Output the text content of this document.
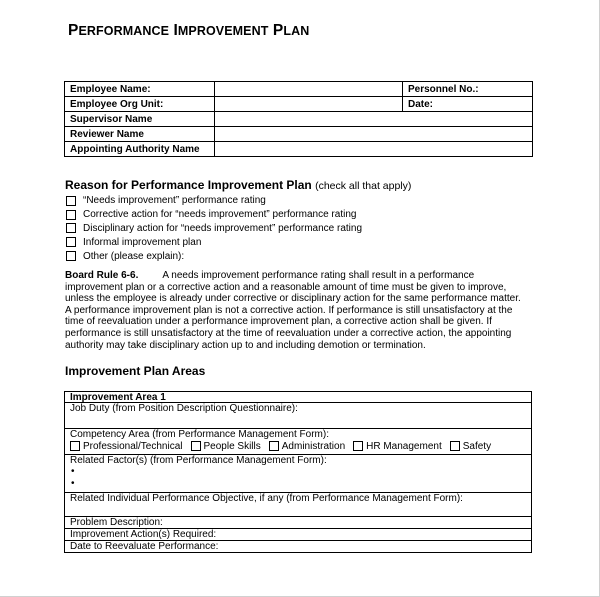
PERFORMANCE IMPROVEMENT PLAN
Employee Name:		Personnel No.:
Employee Org Unit:		Date:
Supervisor Name		
Reviewer Name		
Appointing Authority Name		
Reason for Performance Improvement Plan (check all that apply)
“Needs improvement” performance rating
Corrective action for “needs improvement” performance rating
Disciplinary action for “needs improvement” performance rating
Informal improvement plan
Other (please explain):

Board Rule 6-6. A needs improvement performance rating shall result in a performance

improvement plan or a corrective action and a reasonable amount of time must be given to improve,

unless the employee is already under corrective or disciplinary action for the same performance matter.

A performance improvement plan is not a corrective action. If performance is still unsatisfactory at the

time of reevaluation under a performance improvement plan, a corrective action shall be given. If

performance is still unsatisfactory at the time of reevaluation under a corrective action, the appointing

authority may take disciplinary action up to and including demotion or termination.

Improvement Plan Areas
Improvement Area 1
Job Duty (from Position Description Questionnaire):
Competency Area (from Performance Management Form):
Professional/Technical People Skills Administration HR Management Safety
Related Factor(s) (from Performance Management Form):
•
•
Related Individual Performance Objective, if any (from Performance Management Form):
Problem Description:
Improvement Action(s) Required:
Date to Reevaluate Performance:
